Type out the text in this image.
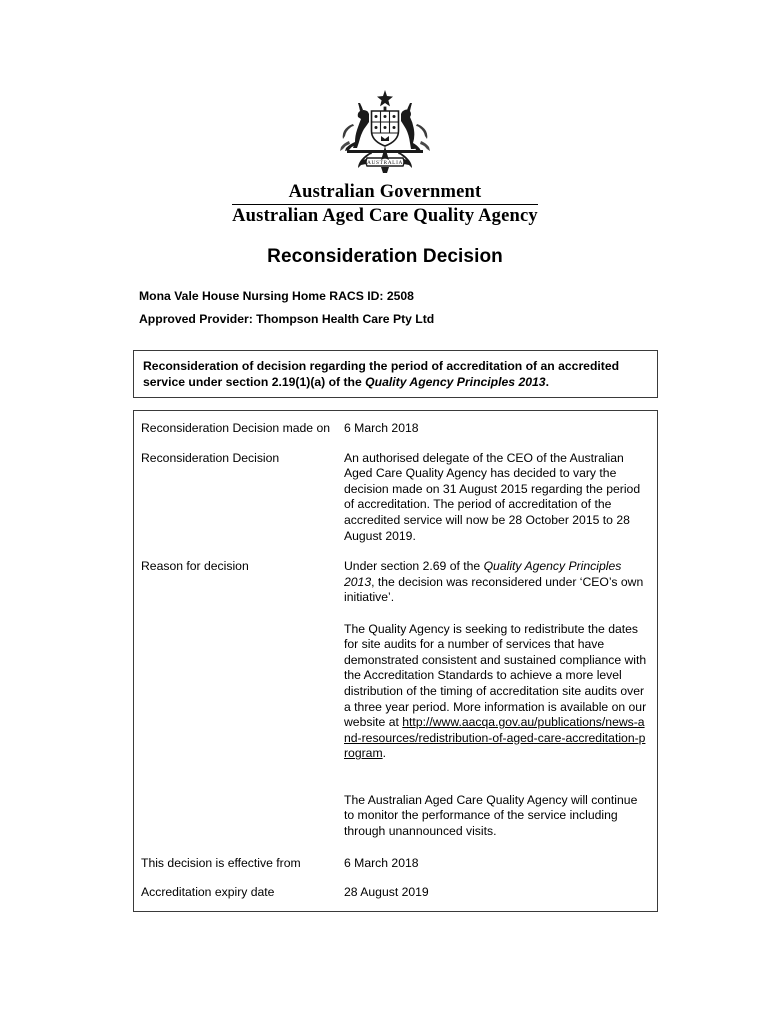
AUSTRALIA
Australian Government
Australian Aged Care Quality Agency
Reconsideration Decision
Mona Vale House Nursing Home RACS ID: 2508
Approved Provider: Thompson Health Care Pty Ltd

Reconsideration of decision regarding the period of accreditation of an accredited service under section 2.19(1)(a) of the Quality Agency Principles 2013.

Reconsideration Decision made on	6 March 2018
Reconsideration Decision	An authorised delegate of the CEO of the Australian Aged Care Quality Agency has decided to vary the decision made on 31 August 2015 regarding the period of accreditation. The period of accreditation of the accredited service will now be 28 October 2015 to 28 August 2019.

Reason for decision	Under section 2.69 of the Quality Agency Principles 2013, the decision was reconsidered under ‘CEO’s own initiative’.

The Quality Agency is seeking to redistribute the dates for site audits for a number of services that have demonstrated consistent and sustained compliance with the Accreditation Standards to achieve a more level distribution of the timing of accreditation site audits over a three year period. More information is available on our website at http://www.aacqa.gov.au/publications/news-and-resources/redistribution-of-aged-care-accreditation-program.

The Australian Aged Care Quality Agency will continue to monitor the performance of the service including through unannounced visits.

This decision is effective from	6 March 2018
Accreditation expiry date	28 August 2019
